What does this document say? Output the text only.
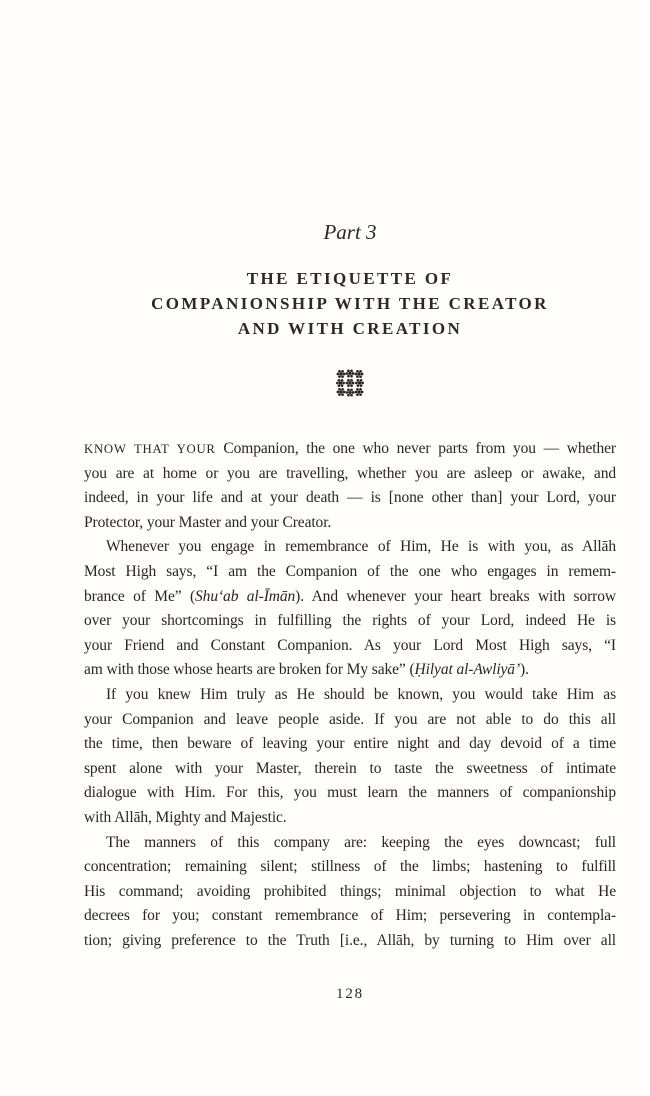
Part 3
THE ETIQUETTE OF
COMPANIONSHIP WITH THE CREATOR
AND WITH CREATION
KNOW THAT YOUR Companion, the one who never parts from you — whether
you are at home or you are travelling, whether you are asleep or awake, and
indeed, in your life and at your death — is [none other than] your Lord, your
Protector, your Master and your Creator.
Whenever you engage in remembrance of Him, He is with you, as Allāh
Most High says, “I am the Companion of the one who engages in remem-
brance of Me” (Shu‘ab al-Īmān). And whenever your heart breaks with sorrow
over your shortcomings in fulfilling the rights of your Lord, indeed He is
your Friend and Constant Companion. As your Lord Most High says, “I
am with those whose hearts are broken for My sake” (Ḥilyat al-Awliyā’).
If you knew Him truly as He should be known, you would take Him as
your Companion and leave people aside. If you are not able to do this all
the time, then beware of leaving your entire night and day devoid of a time
spent alone with your Master, therein to taste the sweetness of intimate
dialogue with Him. For this, you must learn the manners of companionship
with Allāh, Mighty and Majestic.
The manners of this company are: keeping the eyes downcast; full
concentration; remaining silent; stillness of the limbs; hastening to fulfill
His command; avoiding prohibited things; minimal objection to what He
decrees for you; constant remembrance of Him; persevering in contempla-
tion; giving preference to the Truth [i.e., Allāh, by turning to Him over all
128
